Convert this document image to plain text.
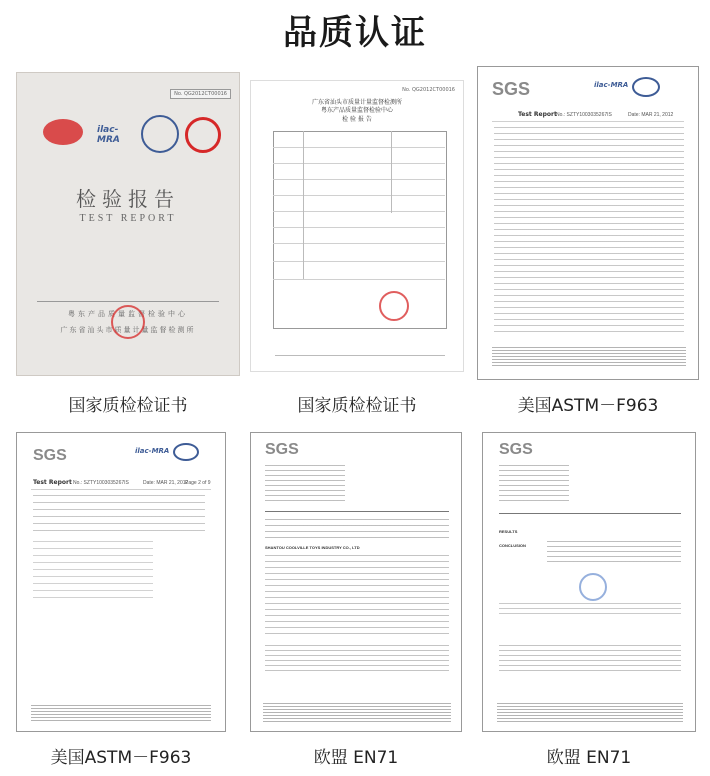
品质认证
No. QG2012CT00016
ilac-MRA
检验报告
TEST REPORT
粤东产品质量监督检验中心
广东省汕头市质量计量监督检测所
国家质检检证书
No. QG2012CT00016
广东省汕头市质量计量监督检测所
粤东产品质量监督检验中心
检 验 报 告
国家质检检证书
SGS	ilac-MRA
Test Report No.: SZTY1003035267IS	Date: MAR 21, 2012
美国ASTM－F963
SGS	ilac-MRA
Test Report No.: SZTY1003035267IS	Date: MAR 21, 2012
Page 2 of 9
美国ASTM－F963
SGS
SHANTOU COOLVILLE TOYS INDUSTRY CO., LTD
欧盟 EN71
SGS
RESULTS
CONCLUSION
欧盟 EN71
